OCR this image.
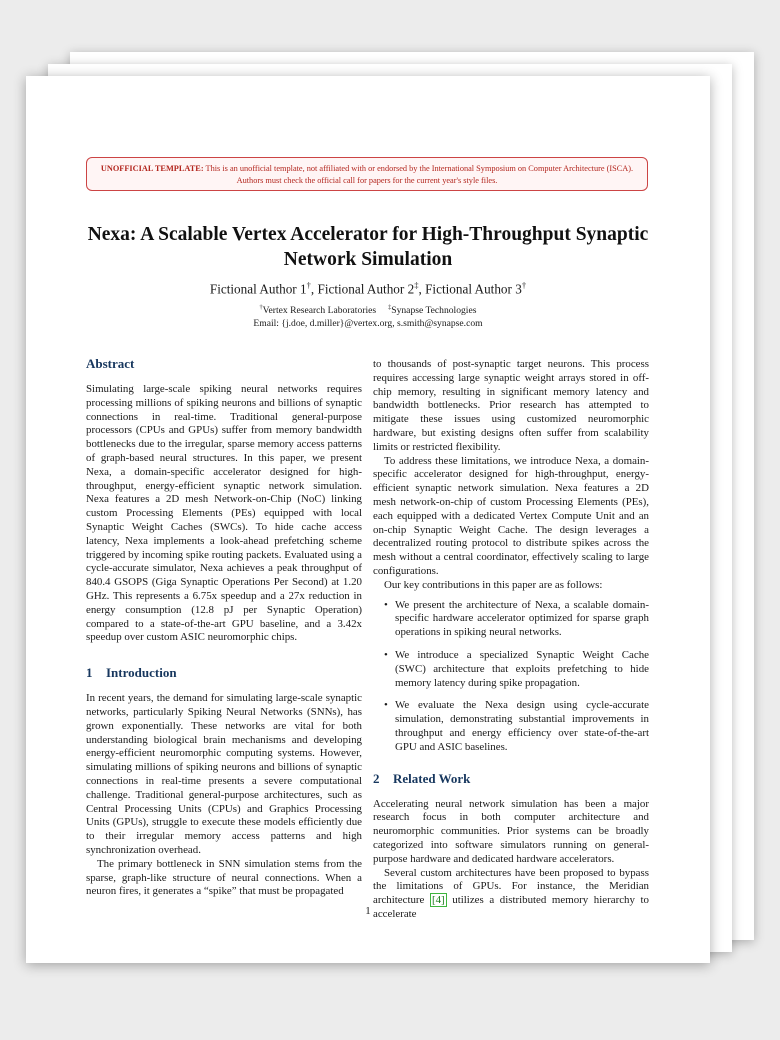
UNOFFICIAL TEMPLATE: This is an unofficial template, not affiliated with or endorsed by the International Symposium on Computer Architecture (ISCA). Authors must check the official call for papers for the current year's style files.
Nexa: A Scalable Vertex Accelerator for High-Throughput Synaptic Network Simulation
Fictional Author 1†, Fictional Author 2‡, Fictional Author 3†
†Vertex Research Laboratories ‡Synapse Technologies
Email: {j.doe, d.miller}@vertex.org, s.smith@synapse.com
Abstract

Simulating large-scale spiking neural networks requires processing millions of spiking neurons and billions of synaptic connections in real-time. Traditional general-purpose processors (CPUs and GPUs) suffer from memory bandwidth bottlenecks due to the irregular, sparse memory access patterns of graph-based neural structures. In this paper, we present Nexa, a domain-specific accelerator designed for high-throughput, energy-efficient synaptic network simulation. Nexa features a 2D mesh Network-on-Chip (NoC) linking custom Processing Elements (PEs) equipped with local Synaptic Weight Caches (SWCs). To hide cache access latency, Nexa implements a look-ahead prefetching scheme triggered by incoming spike routing packets. Evaluated using a cycle-accurate simulator, Nexa achieves a peak throughput of 840.4 GSOPS (Giga Synaptic Operations Per Second) at 1.20 GHz. This represents a 6.75x speedup and a 27x reduction in energy consumption (12.8 pJ per Synaptic Operation) compared to a state-of-the-art GPU baseline, and a 3.42x speedup over custom ASIC neuromorphic chips.

1 Introduction

In recent years, the demand for simulating large-scale synaptic networks, particularly Spiking Neural Networks (SNNs), has grown exponentially. These networks are vital for both understanding biological brain mechanisms and developing energy-efficient neuromorphic computing systems. However, simulating millions of spiking neurons and billions of synaptic connections in real-time presents a severe computational challenge. Traditional general-purpose architectures, such as Central Processing Units (CPUs) and Graphics Processing Units (GPUs), struggle to execute these models efficiently due to their irregular memory access patterns and high synchronization overhead.

The primary bottleneck in SNN simulation stems from the sparse, graph-like structure of neural connections. When a neuron fires, it generates a “spike” that must be propagated

to thousands of post-synaptic target neurons. This process requires accessing large synaptic weight arrays stored in off-chip memory, resulting in significant memory latency and bandwidth bottlenecks. Prior research has attempted to mitigate these issues using customized neuromorphic hardware, but existing designs often suffer from scalability limits or restricted flexibility.

To address these limitations, we introduce Nexa, a domain-specific accelerator designed for high-throughput, energy-efficient synaptic network simulation. Nexa features a 2D mesh network-on-chip of custom Processing Elements (PEs), each equipped with a dedicated Vertex Compute Unit and an on-chip Synaptic Weight Cache. The design leverages a decentralized routing protocol to distribute spikes across the mesh without a central coordinator, effectively scaling to large configurations.

Our key contributions in this paper are as follows:

• We present the architecture of Nexa, a scalable domain-specific hardware accelerator optimized for sparse graph operations in spiking neural networks.
• We introduce a specialized Synaptic Weight Cache (SWC) architecture that exploits prefetching to hide memory latency during spike propagation.
• We evaluate the Nexa design using cycle-accurate simulation, demonstrating substantial improvements in throughput and energy efficiency over state-of-the-art GPU and ASIC baselines.
2 Related Work

Accelerating neural network simulation has been a major research focus in both computer architecture and neuromorphic communities. Prior systems can be broadly categorized into software simulators running on general-purpose hardware and dedicated hardware accelerators.

Several custom architectures have been proposed to bypass the limitations of GPUs. For instance, the Meridian architecture [4] utilizes a distributed memory hierarchy to accelerate

1
